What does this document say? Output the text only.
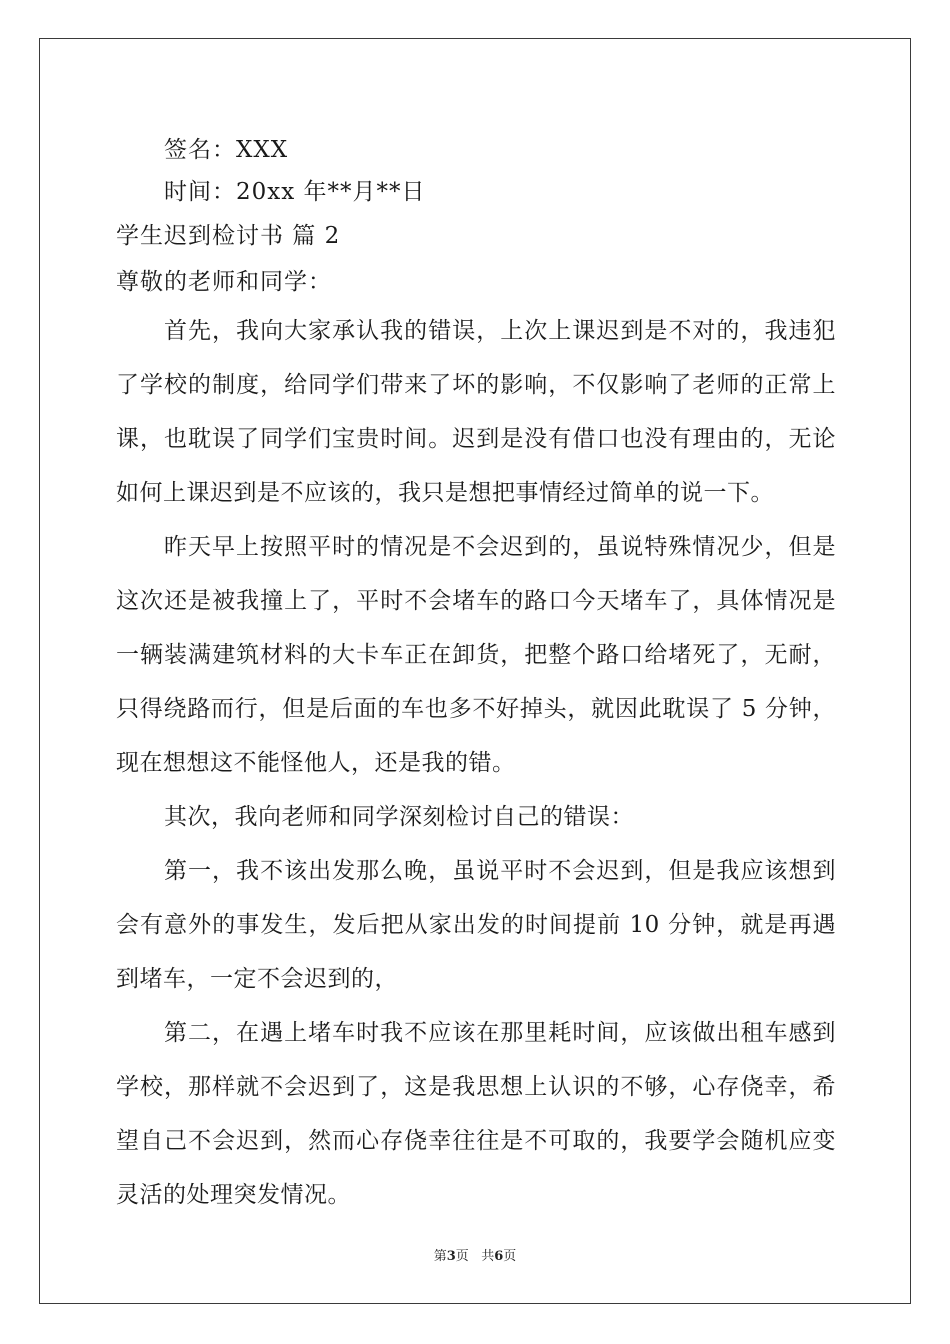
签名：XXX

时间：20xx 年**月**日

学生迟到检讨书 篇 2

尊敬的老师和同学：

首先，我向大家承认我的错误，上次上课迟到是不对的，我违犯了学校的制度，给同学们带来了坏的影响，不仅影响了老师的正常上课，也耽误了同学们宝贵时间。迟到是没有借口也没有理由的，无论如何上课迟到是不应该的，我只是想把事情经过简单的说一下。

昨天早上按照平时的情况是不会迟到的，虽说特殊情况少，但是这次还是被我撞上了，平时不会堵车的路口今天堵车了，具体情况是一辆装满建筑材料的大卡车正在卸货，把整个路口给堵死了，无耐，只得绕路而行，但是后面的车也多不好掉头，就因此耽误了 5 分钟，现在想想这不能怪他人，还是我的错。

其次，我向老师和同学深刻检讨自己的错误：

第一，我不该出发那么晚，虽说平时不会迟到，但是我应该想到会有意外的事发生，发后把从家出发的时间提前 10 分钟，就是再遇到堵车，一定不会迟到的，

第二，在遇上堵车时我不应该在那里耗时间，应该做出租车感到学校，那样就不会迟到了，这是我思想上认识的不够，心存侥幸，希望自己不会迟到，然而心存侥幸往往是不可取的，我要学会随机应变灵活的处理突发情况。

第3页   共6页
